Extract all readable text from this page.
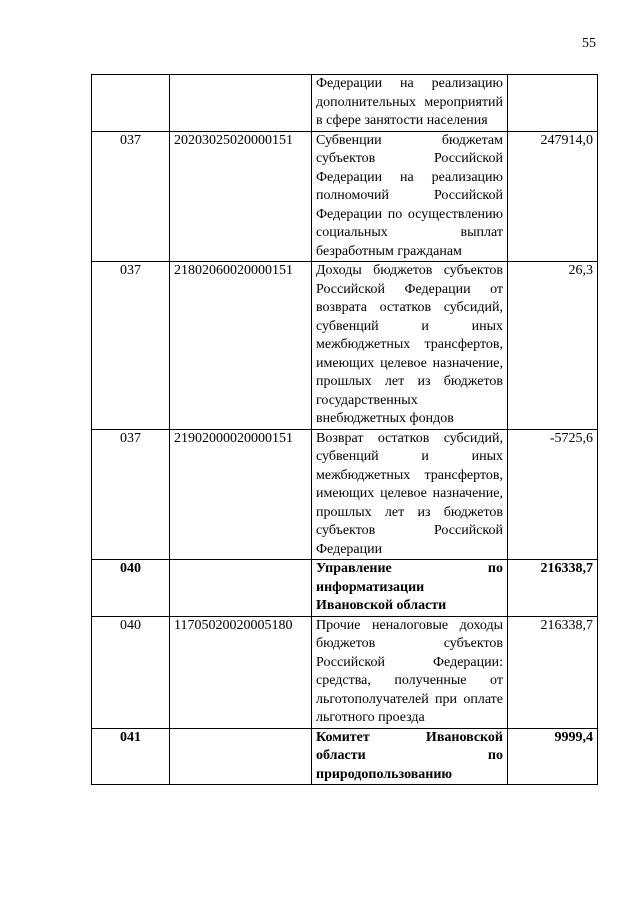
55
		Федерации на реализацию дополнительных мероприятий в сфере занятости населения	
037	20203025020000151	Субвенции бюджетам субъектов Российской Федерации на реализацию полномочий Российской Федерации по осуществлению социальных выплат безработным гражданам	247914,0
037	21802060020000151	Доходы бюджетов субъектов Российской Федерации от возврата остатков субсидий, субвенций и иных межбюджетных трансфертов, имеющих целевое назначение, прошлых лет из бюджетов государственных внебюджетных фондов	26,3
037	21902000020000151	Возврат остатков субсидий, субвенций и иных межбюджетных трансфертов, имеющих целевое назначение, прошлых лет из бюджетов субъектов Российской Федерации	-5725,6
040		Управление по информатизации Ивановской области	216338,7
040	11705020020005180	Прочие неналоговые доходы бюджетов субъектов Российской Федерации: средства, полученные от льготополучателей при оплате льготного проезда	216338,7
041		Комитет Ивановской области по природопользованию	9999,4
